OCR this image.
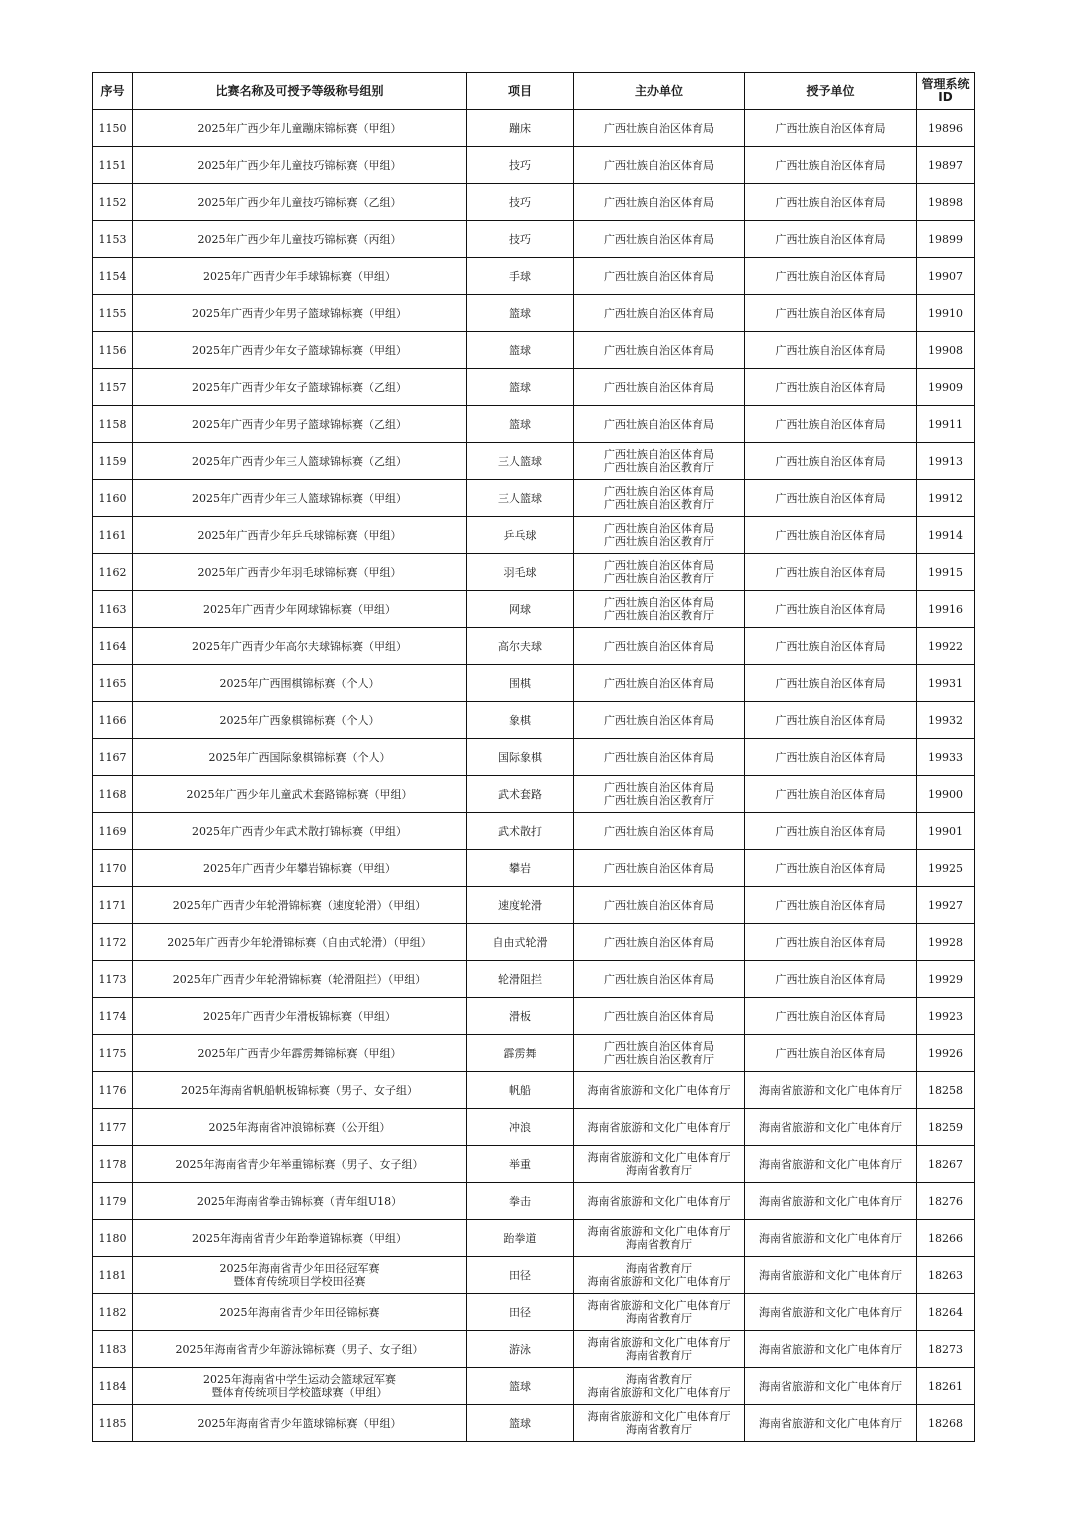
序号	比赛名称及可授予等级称号组别	项目	主办单位	授予单位	管理系统ID
1150	2025年广西少年儿童蹦床锦标赛（甲组）	蹦床	广西壮族自治区体育局	广西壮族自治区体育局	19896
1151	2025年广西少年儿童技巧锦标赛（甲组）	技巧	广西壮族自治区体育局	广西壮族自治区体育局	19897
1152	2025年广西少年儿童技巧锦标赛（乙组）	技巧	广西壮族自治区体育局	广西壮族自治区体育局	19898
1153	2025年广西少年儿童技巧锦标赛（丙组）	技巧	广西壮族自治区体育局	广西壮族自治区体育局	19899
1154	2025年广西青少年手球锦标赛（甲组）	手球	广西壮族自治区体育局	广西壮族自治区体育局	19907
1155	2025年广西青少年男子篮球锦标赛（甲组）	篮球	广西壮族自治区体育局	广西壮族自治区体育局	19910
1156	2025年广西青少年女子篮球锦标赛（甲组）	篮球	广西壮族自治区体育局	广西壮族自治区体育局	19908
1157	2025年广西青少年女子篮球锦标赛（乙组）	篮球	广西壮族自治区体育局	广西壮族自治区体育局	19909
1158	2025年广西青少年男子篮球锦标赛（乙组）	篮球	广西壮族自治区体育局	广西壮族自治区体育局	19911
1159	2025年广西青少年三人篮球锦标赛（乙组）	三人篮球	广西壮族自治区体育局
广西壮族自治区教育厅	广西壮族自治区体育局	19913
1160	2025年广西青少年三人篮球锦标赛（甲组）	三人篮球	广西壮族自治区体育局
广西壮族自治区教育厅	广西壮族自治区体育局	19912
1161	2025年广西青少年乒乓球锦标赛（甲组）	乒乓球	广西壮族自治区体育局
广西壮族自治区教育厅	广西壮族自治区体育局	19914
1162	2025年广西青少年羽毛球锦标赛（甲组）	羽毛球	广西壮族自治区体育局
广西壮族自治区教育厅	广西壮族自治区体育局	19915
1163	2025年广西青少年网球锦标赛（甲组）	网球	广西壮族自治区体育局
广西壮族自治区教育厅	广西壮族自治区体育局	19916
1164	2025年广西青少年高尔夫球锦标赛（甲组）	高尔夫球	广西壮族自治区体育局	广西壮族自治区体育局	19922
1165	2025年广西围棋锦标赛（个人）	围棋	广西壮族自治区体育局	广西壮族自治区体育局	19931
1166	2025年广西象棋锦标赛（个人）	象棋	广西壮族自治区体育局	广西壮族自治区体育局	19932
1167	2025年广西国际象棋锦标赛（个人）	国际象棋	广西壮族自治区体育局	广西壮族自治区体育局	19933
1168	2025年广西少年儿童武术套路锦标赛（甲组）	武术套路	广西壮族自治区体育局
广西壮族自治区教育厅	广西壮族自治区体育局	19900
1169	2025年广西青少年武术散打锦标赛（甲组）	武术散打	广西壮族自治区体育局	广西壮族自治区体育局	19901
1170	2025年广西青少年攀岩锦标赛（甲组）	攀岩	广西壮族自治区体育局	广西壮族自治区体育局	19925
1171	2025年广西青少年轮滑锦标赛（速度轮滑）（甲组）	速度轮滑	广西壮族自治区体育局	广西壮族自治区体育局	19927
1172	2025年广西青少年轮滑锦标赛（自由式轮滑）（甲组）	自由式轮滑	广西壮族自治区体育局	广西壮族自治区体育局	19928
1173	2025年广西青少年轮滑锦标赛（轮滑阻拦）（甲组）	轮滑阻拦	广西壮族自治区体育局	广西壮族自治区体育局	19929
1174	2025年广西青少年滑板锦标赛（甲组）	滑板	广西壮族自治区体育局	广西壮族自治区体育局	19923
1175	2025年广西青少年霹雳舞锦标赛（甲组）	霹雳舞	广西壮族自治区体育局
广西壮族自治区教育厅	广西壮族自治区体育局	19926
1176	2025年海南省帆船帆板锦标赛（男子、女子组）	帆船	海南省旅游和文化广电体育厅	海南省旅游和文化广电体育厅	18258
1177	2025年海南省冲浪锦标赛（公开组）	冲浪	海南省旅游和文化广电体育厅	海南省旅游和文化广电体育厅	18259
1178	2025年海南省青少年举重锦标赛（男子、女子组）	举重	海南省旅游和文化广电体育厅
海南省教育厅	海南省旅游和文化广电体育厅	18267
1179	2025年海南省拳击锦标赛（青年组U18）	拳击	海南省旅游和文化广电体育厅	海南省旅游和文化广电体育厅	18276
1180	2025年海南省青少年跆拳道锦标赛（甲组）	跆拳道	海南省旅游和文化广电体育厅
海南省教育厅	海南省旅游和文化广电体育厅	18266
1181	2025年海南省青少年田径冠军赛
暨体育传统项目学校田径赛	田径	海南省教育厅
海南省旅游和文化广电体育厅	海南省旅游和文化广电体育厅	18263
1182	2025年海南省青少年田径锦标赛	田径	海南省旅游和文化广电体育厅
海南省教育厅	海南省旅游和文化广电体育厅	18264
1183	2025年海南省青少年游泳锦标赛（男子、女子组）	游泳	海南省旅游和文化广电体育厅
海南省教育厅	海南省旅游和文化广电体育厅	18273
1184	2025年海南省中学生运动会篮球冠军赛
暨体育传统项目学校篮球赛（甲组）	篮球	海南省教育厅
海南省旅游和文化广电体育厅	海南省旅游和文化广电体育厅	18261
1185	2025年海南省青少年篮球锦标赛（甲组）	篮球	海南省旅游和文化广电体育厅
海南省教育厅	海南省旅游和文化广电体育厅	18268
